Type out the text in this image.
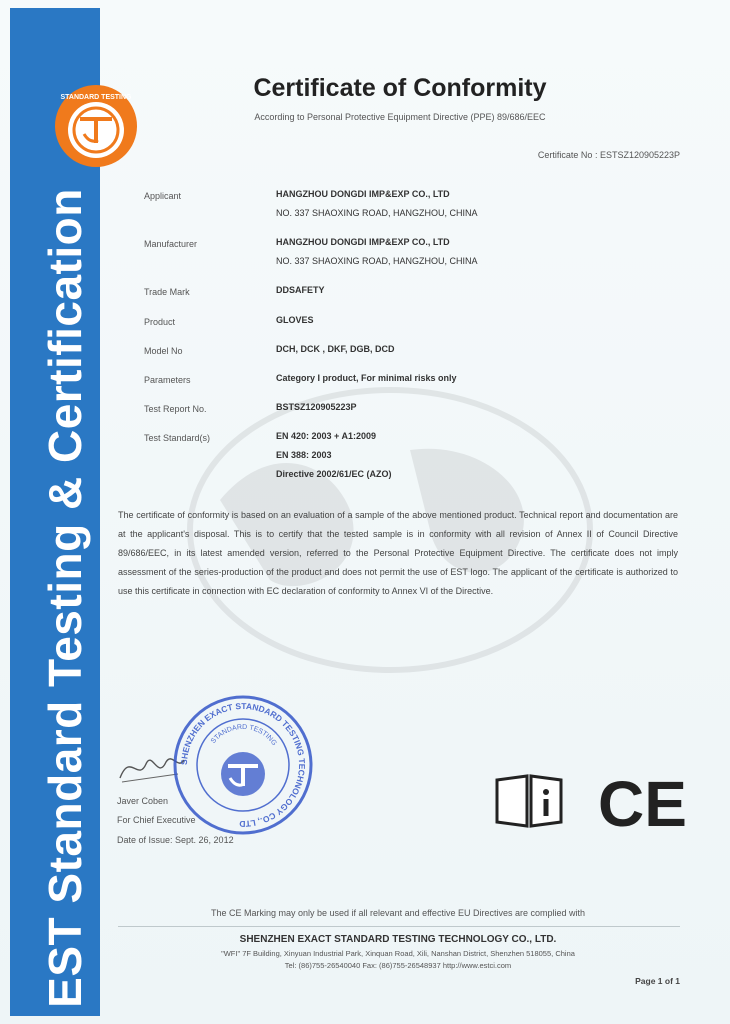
EST Standard Testing & Certification
STANDARD TESTING	Certificate of Conformity
According to Personal Protective Equipment Directive (PPE) 89/686/EEC
Certificate No : ESTSZ120905223P
Applicant	HANGZHOU DONGDI IMP&EXP CO., LTD
NO. 337 SHAOXING ROAD, HANGZHOU, CHINA
Manufacturer	HANGZHOU DONGDI IMP&EXP CO., LTD
NO. 337 SHAOXING ROAD, HANGZHOU, CHINA
Trade Mark	DDSAFETY
Product	GLOVES
Model No	DCH, DCK , DKF, DGB, DCD
Parameters	Category I product, For minimal risks only
Test Report No.	BSTSZ120905223P
Test Standard(s)	EN 420: 2003 + A1:2009
EN 388: 2003
Directive 2002/61/EC (AZO)
The certificate of conformity is based on an evaluation of a sample of the above mentioned product. Technical report and documentation are at the applicant's disposal. This is to certify that the tested sample is in conformity with all revision of Annex II of Council Directive 89/686/EEC, in its latest amended version, referred to the Personal Protective Equipment Directive. The certificate does not imply assessment of the series-production of the product and does not permit the use of EST logo. The applicant of the certificate is authorized to use this certificate in connection with EC declaration of conformity to Annex VI of the Directive.
Javer Coben
For Chief Executive
Date of Issue: Sept. 26, 2012
SHENZHEN EXACT STANDARD TESTING TECHNOLOGY CO., LTD
STANDARD TESTING
CE
The CE Marking may only be used if all relevant and effective EU Directives are complied with
SHENZHEN EXACT STANDARD TESTING TECHNOLOGY CO., LTD.
"WFI" 7F Building, Xinyuan Industrial Park, Xinquan Road, Xili, Nanshan District, Shenzhen 518055, China
Tel: (86)755-26540040 Fax: (86)755-26548937 http://www.estci.com
Page 1 of 1
